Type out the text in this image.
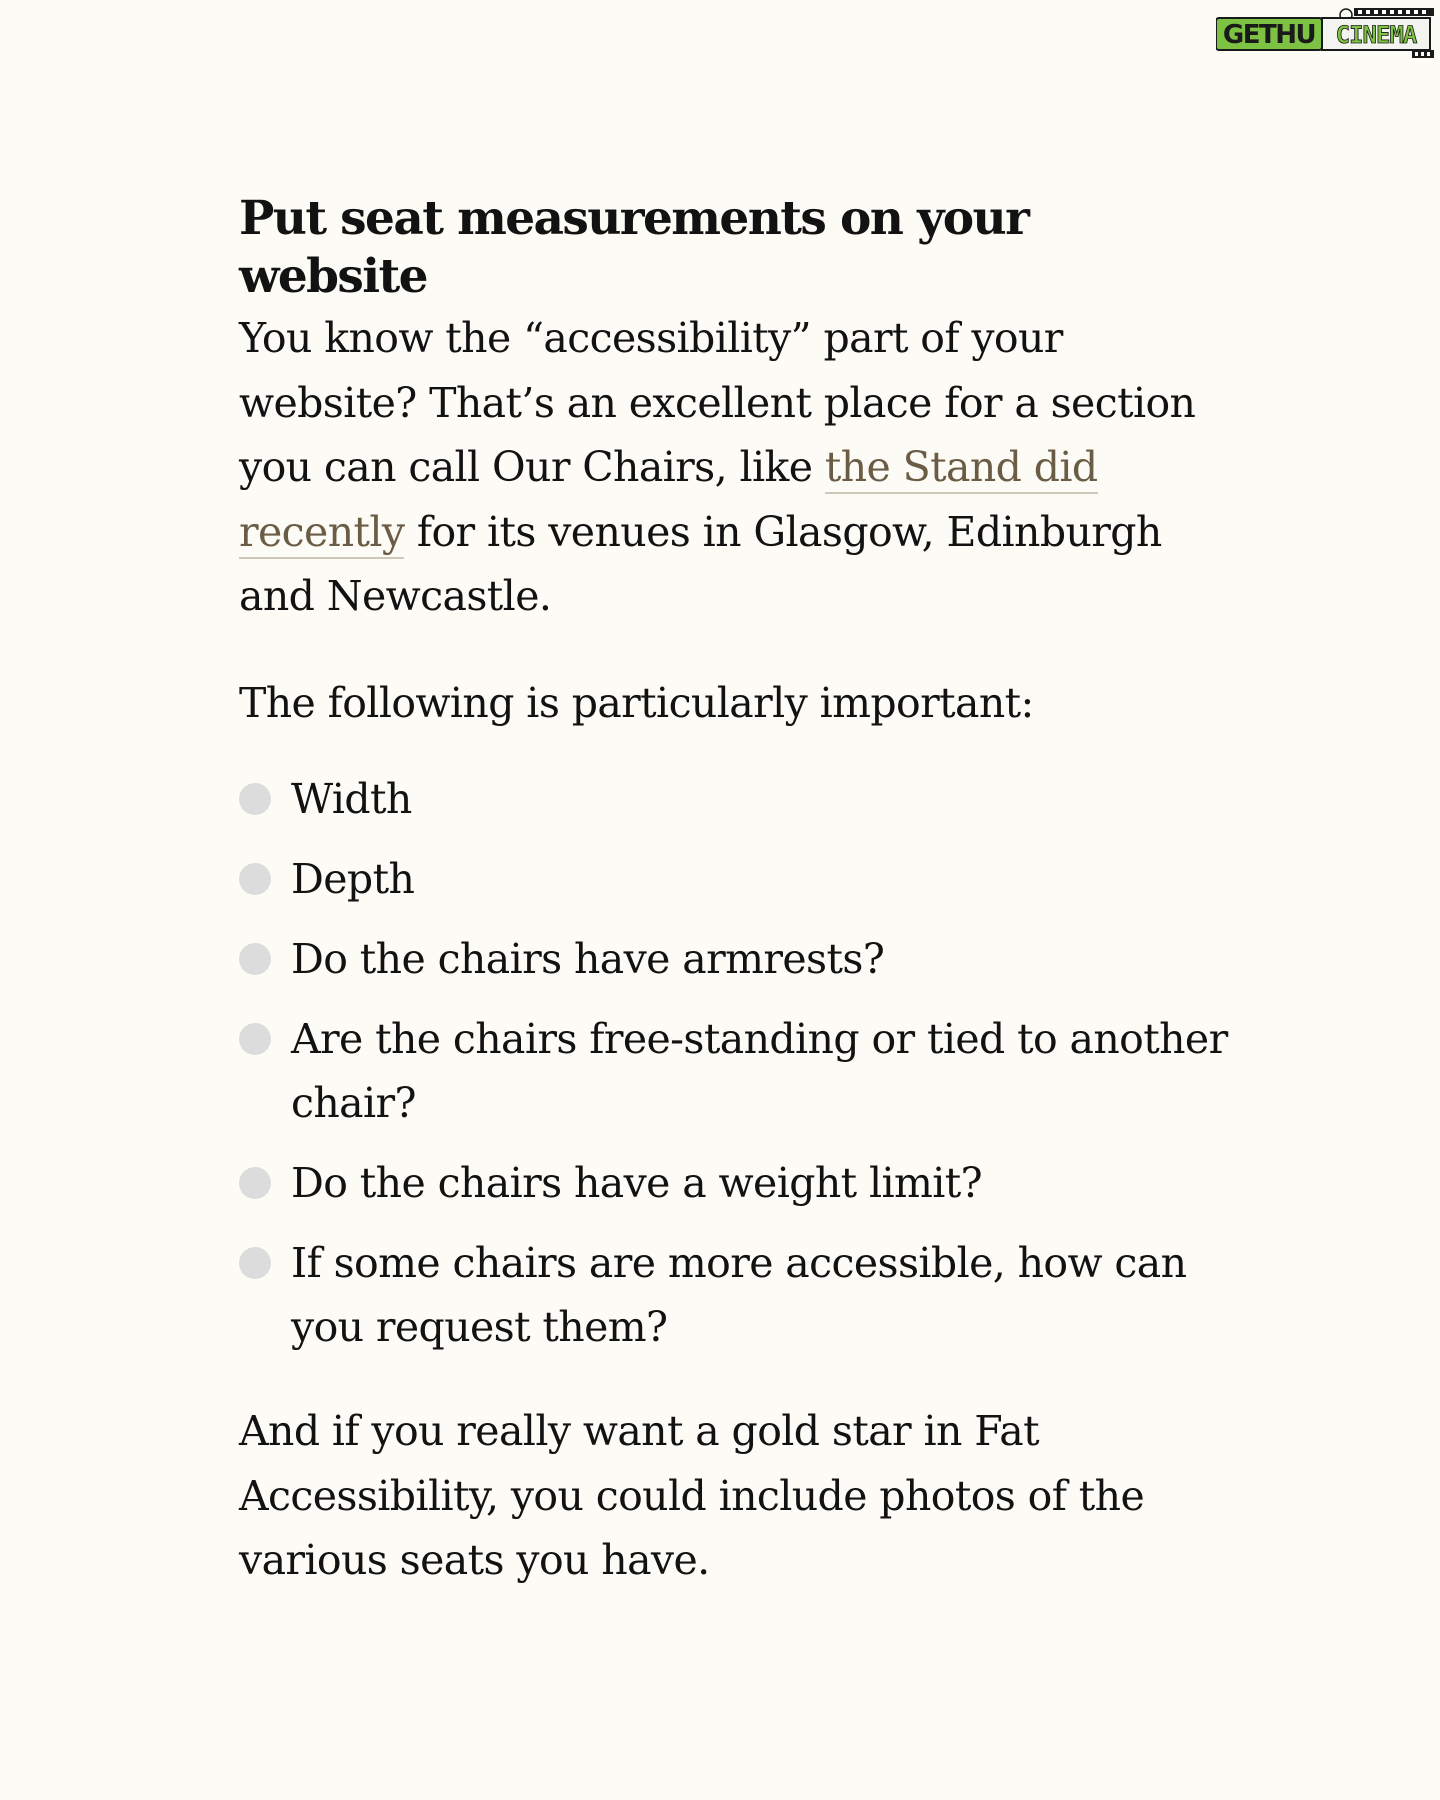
GETHU CINEMA
Put seat measurements on your website

You know the “accessibility” part of your website? That’s an excellent place for a section you can call Our Chairs, like the Stand did recently for its venues in Glasgow, Edinburgh and Newcastle.

The following is particularly important:

Width
Depth
Do the chairs have armrests?
Are the chairs free-standing or tied to another chair?
Do the chairs have a weight limit?
If some chairs are more accessible, how can you request them?

And if you really want a gold star in Fat Accessibility, you could include photos of the various seats you have.
